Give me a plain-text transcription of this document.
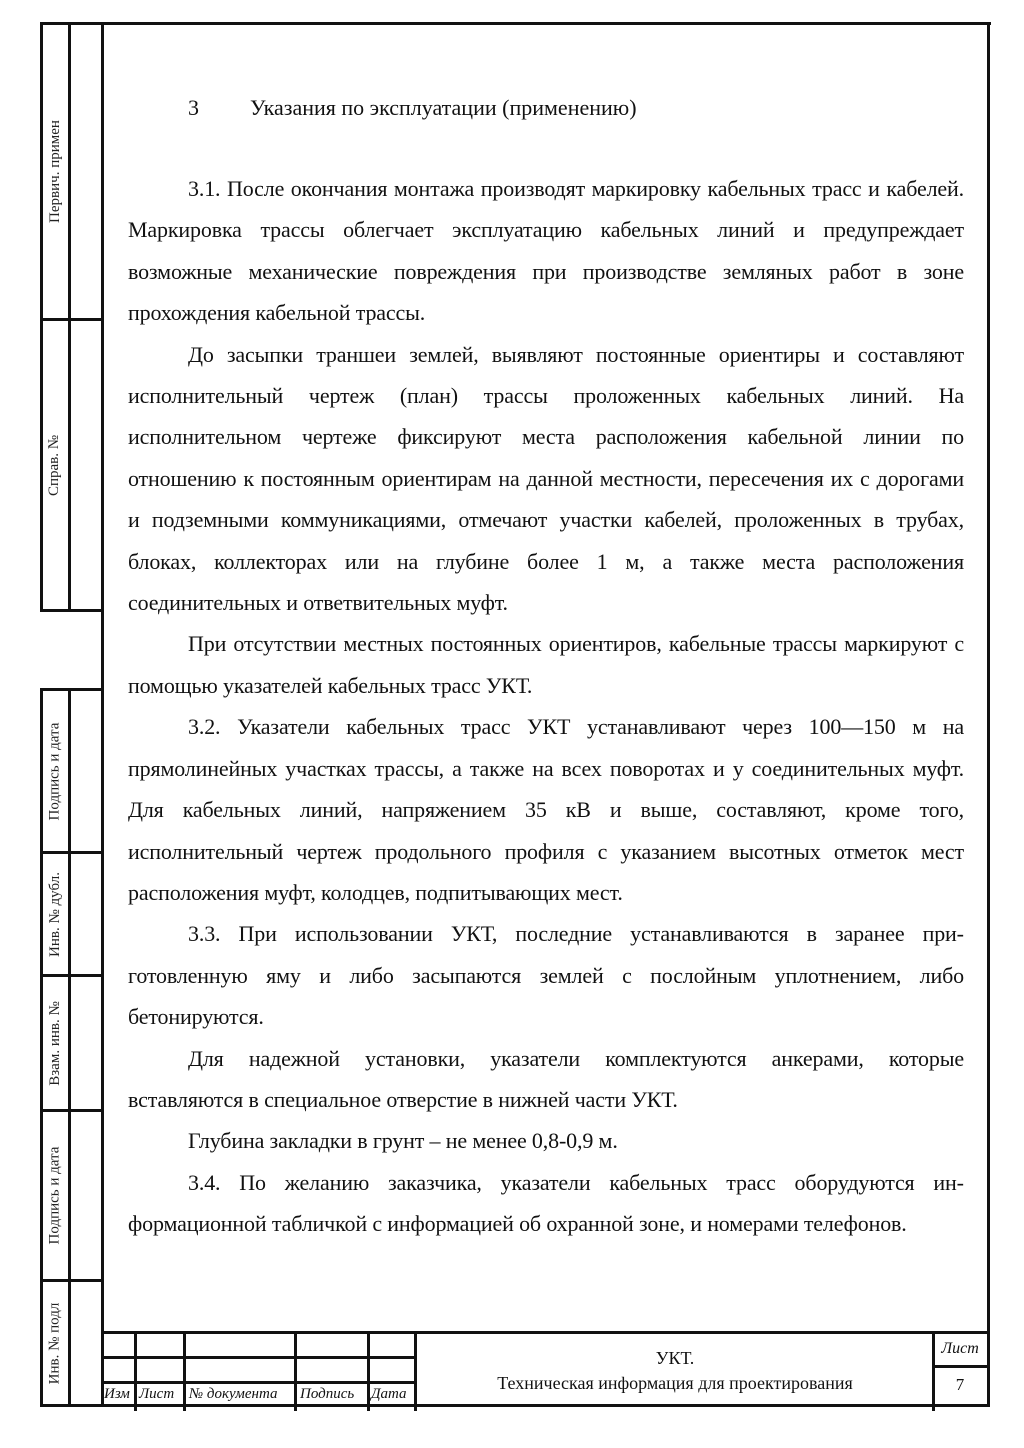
Первич. примен
Справ. №
Подпись и дата
Инв. № дубл.
Взам. инв. №
Подпись и дата
Инв. № подл
3 Указания по эксплуатации (применению)

3.1. После окончания монтажа производят маркировку кабельных трасс и кабелей. Маркировка трассы облегчает эксплуатацию кабельных линий и предупреждает возможные механические повреждения при производстве земляных работ в зоне прохождения кабельной трассы.

До засыпки траншеи землей, выявляют постоянные ориентиры и составляют исполнительный чертеж (план) трассы проложенных кабельных линий. На исполнительном чертеже фиксируют места расположения кабельной линии по отношению к постоянным ориентирам на данной местности, пересечения их с дорогами и подземными коммуникациями, отмечают участки кабелей, проложенных в трубах, блоках, коллекторах или на глубине более 1 м, а также места расположения соединительных и ответвительных муфт.

При отсутствии местных постоянных ориентиров, кабельные трассы маркируют с помощью указателей кабельных трасс УКТ.

3.2. Указатели кабельных трасс УКТ устанавливают через 100—150 м на прямолинейных участках трассы, а также на всех поворотах и у соединительных муфт. Для кабельных линий, напряжением 35 кВ и выше, составляют, кроме того, исполнительный чертеж продольного профиля с указанием высотных отметок мест расположения муфт, колодцев, подпитывающих мест.

3.3. При использовании УКТ, последние устанавливаются в заранее приготовленную яму и либо засыпаются землей с послойным уплотнением, либо бетонируются.

Для надежной установки, указатели комплектуются анкерами, которые вставляются в специальное отверстие в нижней части УКТ.

Глубина закладки в грунт – не менее 0,8-0,9 м.

3.4. По желанию заказчика, указатели кабельных трасс оборудуются информационной табличкой с информацией об охранной зоне, и номерами телефонов.

Изм Лист № документа Подпись Дата
УКТ.
Техническая информация для проектирования
Лист
7
